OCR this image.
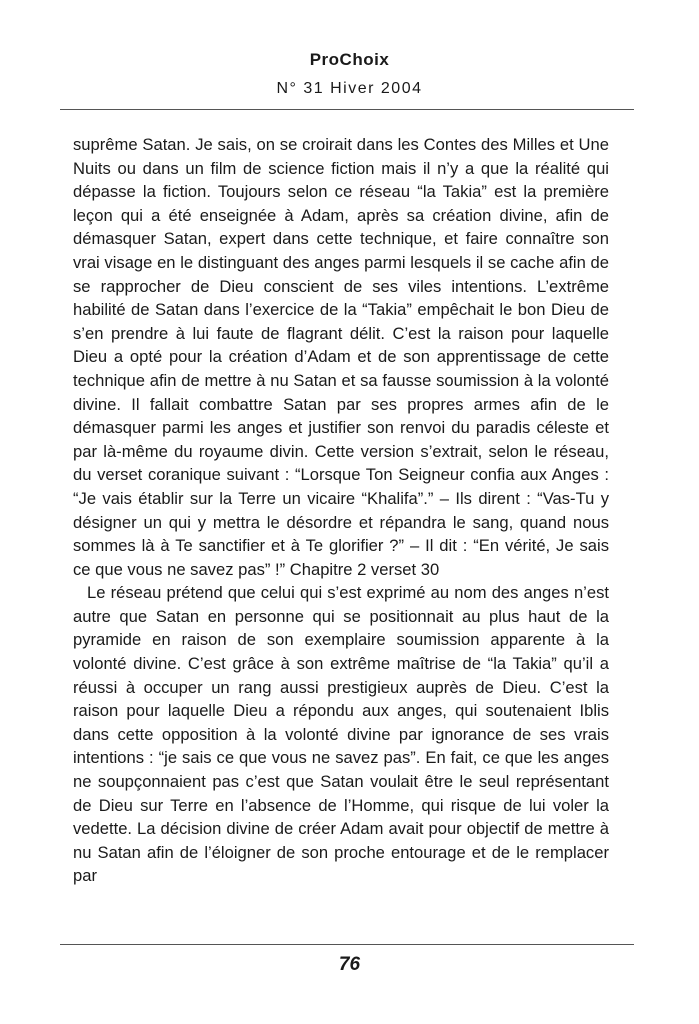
ProChoix
N° 31 Hiver 2004

suprême Satan. Je sais, on se croirait dans les Contes des Milles et Une Nuits ou dans un film de science fiction mais il n’y a que la réalité qui dépasse la fiction. Toujours selon ce réseau “la Takia” est la première leçon qui a été enseignée à Adam, après sa création divine, afin de démasquer Satan, expert dans cette technique, et faire connaître son vrai visage en le distinguant des anges parmi lesquels il se cache afin de se rapprocher de Dieu conscient de ses viles intentions. L’extrême habilité de Satan dans l’exercice de la “Takia” empêchait le bon Dieu de s’en prendre à lui faute de flagrant délit. C’est la raison pour laquelle Dieu a opté pour la création d’Adam et de son apprentissage de cette technique afin de mettre à nu Satan et sa fausse soumission à la volonté divine. Il fallait combattre Satan par ses propres armes afin de le démasquer parmi les anges et justifier son renvoi du paradis céleste et par là-même du royaume divin. Cette version s’extrait, selon le réseau, du verset coranique suivant : “Lorsque Ton Seigneur confia aux Anges : “Je vais établir sur la Terre un vicaire “Khalifa”.” – Ils dirent : “Vas-Tu y désigner un qui y mettra le désordre et répandra le sang, quand nous sommes là à Te sanctifier et à Te glorifier ?” – Il dit : “En vérité, Je sais ce que vous ne savez pas” !” Chapitre 2 verset 30

Le réseau prétend que celui qui s’est exprimé au nom des anges n’est autre que Satan en personne qui se positionnait au plus haut de la pyramide en raison de son exemplaire soumission apparente à la volonté divine. C’est grâce à son extrême maîtrise de “la Takia” qu’il a réussi à occuper un rang aussi prestigieux auprès de Dieu. C’est la raison pour laquelle Dieu a répondu aux anges, qui soutenaient Iblis dans cette opposition à la volonté divine par ignorance de ses vrais intentions : “je sais ce que vous ne savez pas”. En fait, ce que les anges ne soupçonnaient pas c’est que Satan voulait être le seul représentant de Dieu sur Terre en l’absence de l’Homme, qui risque de lui voler la vedette. La décision divine de créer Adam avait pour objectif de mettre à nu Satan afin de l’éloigner de son proche entourage et de le remplacer par

76
